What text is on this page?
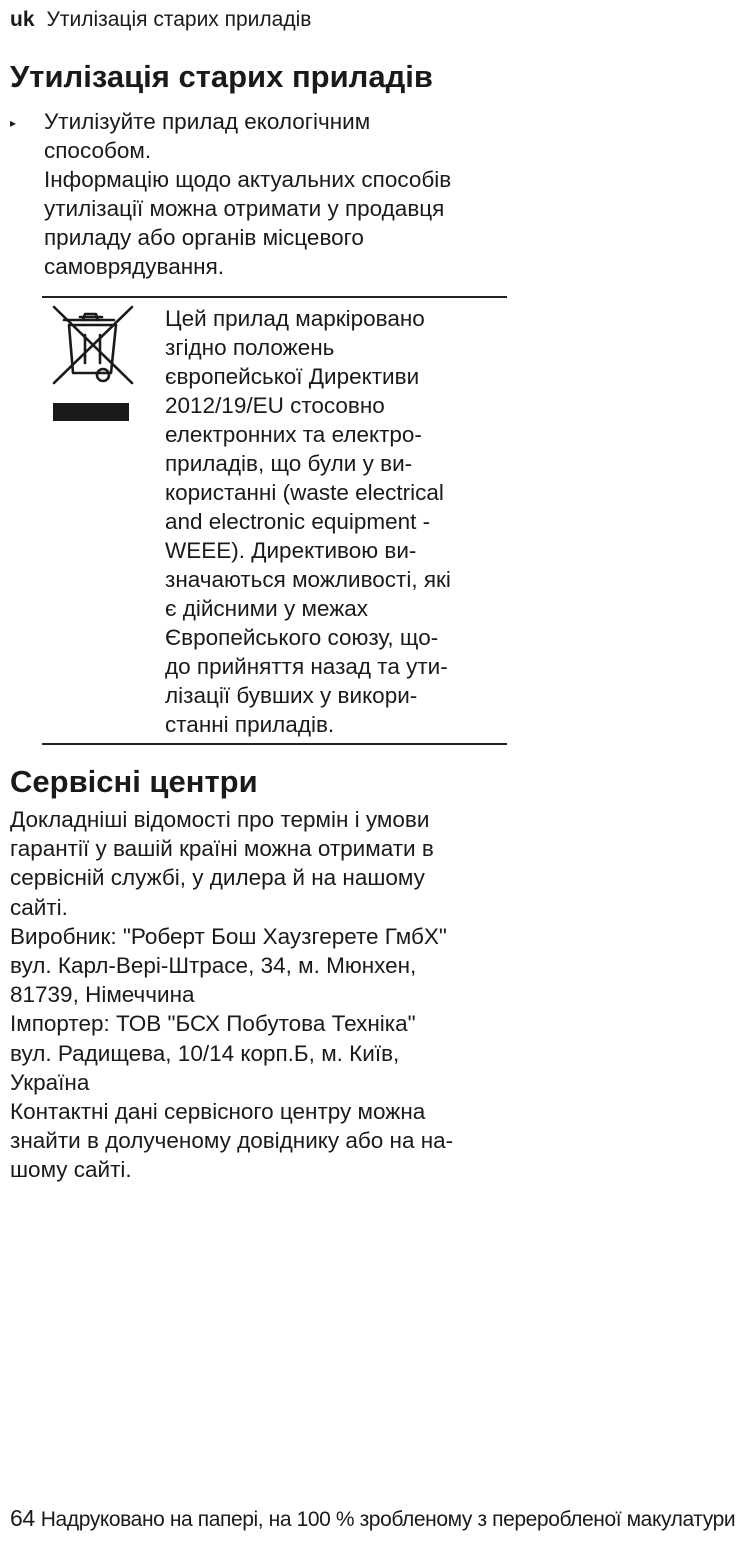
uk Утилізація старих приладів
Утилізація старих приладів
▸ Утилізуйте прилад екологічним
способом.
Інформацію щодо актуальних способів
утилізації можна отримати у продавця
приладу або органів місцевого
самоврядування.
Цей прилад маркіровано
згідно положень
європейської Директиви
2012/19/EU стосовно
електронних та електро-
приладів, що були у ви-
користанні (waste electrical
and electronic equipment -
WEEE). Директивою ви-
значаються можливості, які
є дійсними у межах
Європейського союзу, що-
до прийняття назад та ути-
лізації бувших у викори-
станні приладів.
Сервісні центри
Докладніші відомості про термін і умови
гарантії у вашій країні можна отримати в
сервісній службі, у дилера й на нашому
сайті.
Виробник: "Роберт Бош Хаузгерете ГмбХ"
вул. Карл-Вері-Штрасе, 34, м. Мюнхен,
81739, Німеччина
Імпортер: ТОВ "БСХ Побутова Техніка"
вул. Радищева, 10/14 корп.Б, м. Київ,
Україна
Контактні дані сервісного центру можна
знайти в долученому довіднику або на на-
шому сайті.
64 Надруковано на папері, на 100 % зробленому з переробленої макулатури
